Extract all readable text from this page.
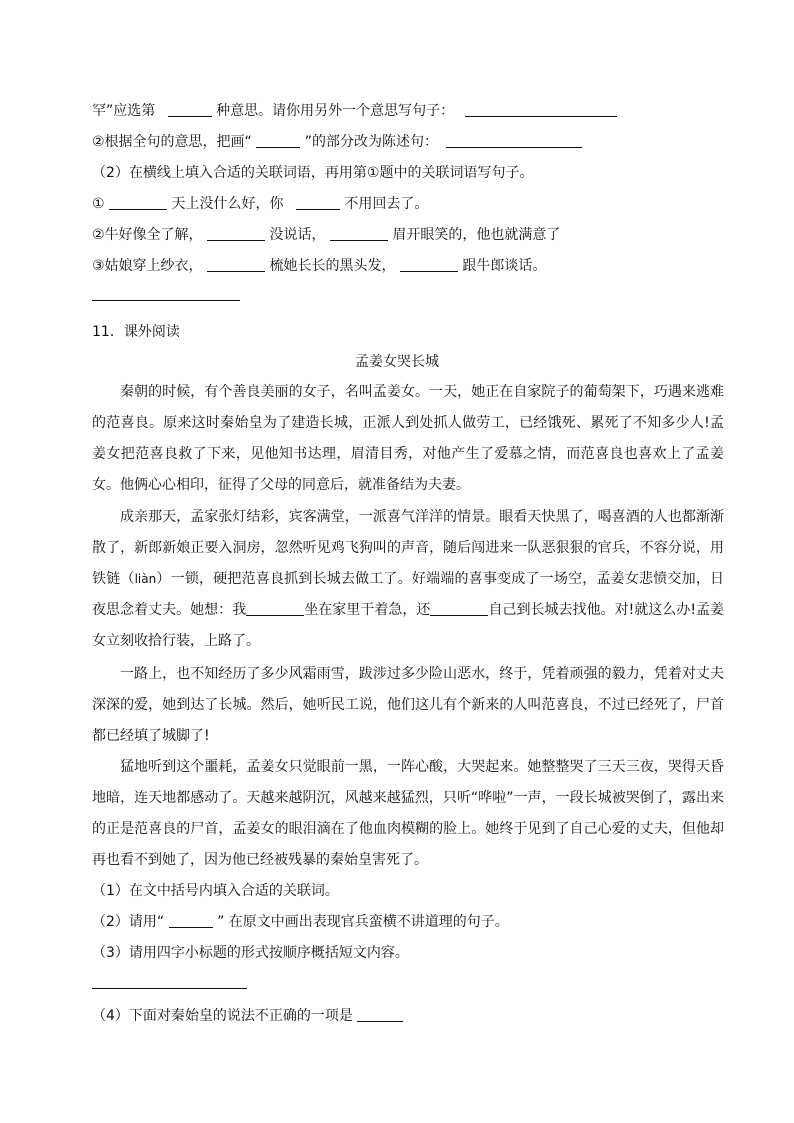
罕”应选第	种意思。请你用另外一个意思写句子：
②根据全句的意思，把画“	”的部分改为陈述句：
（2）在横线上填入合适的关联词语，再用第①题中的关联词语写句子。
①	天上没什么好，你	不用回去了。
②牛好像全了解，	没说话，	眉开眼笑的，他也就满意了
③姑娘穿上纱衣，	梳她长长的黑头发，	跟牛郎谈话。
11．课外阅读
孟姜女哭长城
秦朝的时候，有个善良美丽的女子，名叫孟姜女。一天，她正在自家院子的葡萄架下，巧遇来逃难的范喜良。原来这时秦始皇为了建造长城，正派人到处抓人做劳工，已经饿死、累死了不知多少人!孟姜女把范喜良救了下来，见他知书达理，眉清目秀，对他产生了爱慕之情，而范喜良也喜欢上了孟姜女。他俩心心相印，征得了父母的同意后，就准备结为夫妻。
成亲那天，孟家张灯结彩，宾客满堂，一派喜气洋洋的情景。眼看天快黑了，喝喜酒的人也都渐渐散了，新郎新娘正要入洞房，忽然听见鸡飞狗叫的声音，随后闯进来一队恶狠狠的官兵，不容分说，用铁链（liàn）一锁，硬把范喜良抓到长城去做工了。好端端的喜事变成了一场空，孟姜女悲愤交加，日夜思念着丈夫。她想：我	坐在家里干着急，还	自己到长城去找他。对!就这么办!孟姜女立刻收拾行装，上路了。
一路上，也不知经历了多少风霜雨雪，跋涉过多少险山恶水，终于，凭着顽强的毅力，凭着对丈夫深深的爱，她到达了长城。然后，她听民工说，他们这儿有个新来的人叫范喜良，不过已经死了，尸首都已经填了城脚了!
猛地听到这个噩耗，孟姜女只觉眼前一黑，一阵心酸，大哭起来。她整整哭了三天三夜，哭得天昏地暗，连天地都感动了。天越来越阴沉，风越来越猛烈，只听“哗啦”一声，一段长城被哭倒了，露出来的正是范喜良的尸首，孟姜女的眼泪滴在了他血肉模糊的脸上。她终于见到了自己心爱的丈夫，但他却再也看不到她了，因为他已经被残暴的秦始皇害死了。
（1）在文中括号内填入合适的关联词。
（2）请用“	” 在原文中画出表现官兵蛮横不讲道理的句子。
（3）请用四字小标题的形式按顺序概括短文内容。
（4）下面对秦始皇的说法不正确的一项是
